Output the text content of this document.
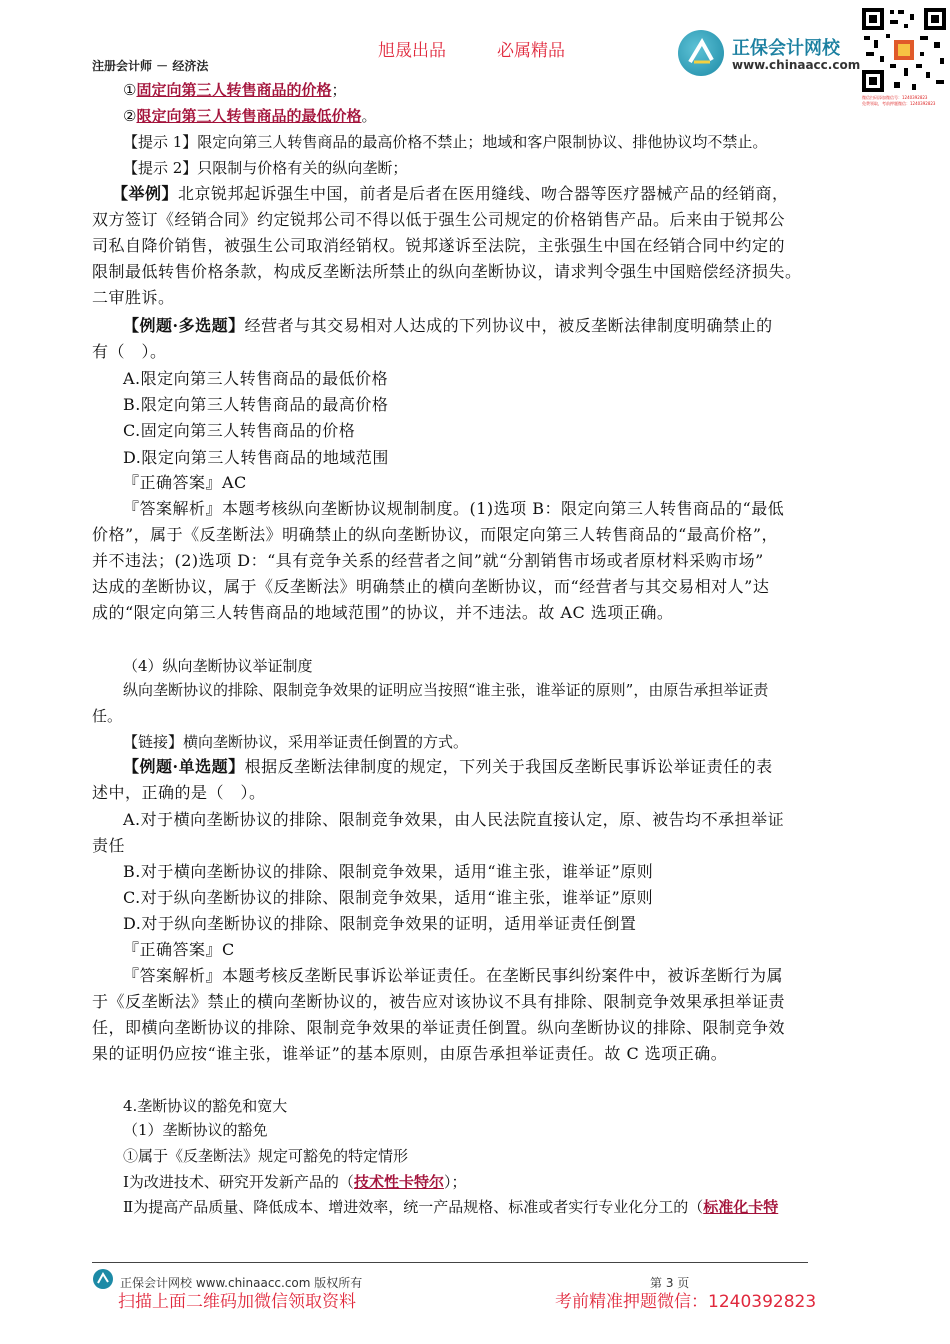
旭晟出品	必属精品
注册会计师 － 经济法
正保会计网校
www.chinaacc.com
微信扫码添加微信号：1240392823
免费领取，考前押题微信：1240392823
①固定向第三人转售商品的价格；
②限定向第三人转售商品的最低价格。
【提示 1】限定向第三人转售商品的最高价格不禁止；地域和客户限制协议、排他协议均不禁止。
【提示 2】只限制与价格有关的纵向垄断；
【举例】北京锐邦起诉强生中国，前者是后者在医用缝线、吻合器等医疗器械产品的经销商，
双方签订《经销合同》约定锐邦公司不得以低于强生公司规定的价格销售产品。后来由于锐邦公
司私自降价销售，被强生公司取消经销权。锐邦遂诉至法院，主张强生中国在经销合同中约定的
限制最低转售价格条款，构成反垄断法所禁止的纵向垄断协议，请求判令强生中国赔偿经济损失。
二审胜诉。
【例题·多选题】经营者与其交易相对人达成的下列协议中，被反垄断法律制度明确禁止的
有（　）。
A.限定向第三人转售商品的最低价格
B.限定向第三人转售商品的最高价格
C.固定向第三人转售商品的价格
D.限定向第三人转售商品的地域范围
『正确答案』AC
『答案解析』本题考核纵向垄断协议规制制度。(1)选项 B：限定向第三人转售商品的“最低
价格”，属于《反垄断法》明确禁止的纵向垄断协议，而限定向第三人转售商品的“最高价格”，
并不违法；(2)选项 D：“具有竞争关系的经营者之间”就“分割销售市场或者原材料采购市场”
达成的垄断协议，属于《反垄断法》明确禁止的横向垄断协议，而“经营者与其交易相对人”达
成的“限定向第三人转售商品的地域范围”的协议，并不违法。故 AC 选项正确。
（4）纵向垄断协议举证制度
纵向垄断协议的排除、限制竞争效果的证明应当按照“谁主张，谁举证的原则”，由原告承担举证责
任。
【链接】横向垄断协议，采用举证责任倒置的方式。
【例题·单选题】根据反垄断法律制度的规定，下列关于我国反垄断民事诉讼举证责任的表
述中，正确的是（　）。
A.对于横向垄断协议的排除、限制竞争效果，由人民法院直接认定，原、被告均不承担举证
责任
B.对于横向垄断协议的排除、限制竞争效果，适用“谁主张，谁举证”原则
C.对于纵向垄断协议的排除、限制竞争效果，适用“谁主张，谁举证”原则
D.对于纵向垄断协议的排除、限制竞争效果的证明，适用举证责任倒置
『正确答案』C
『答案解析』本题考核反垄断民事诉讼举证责任。在垄断民事纠纷案件中，被诉垄断行为属
于《反垄断法》禁止的横向垄断协议的，被告应对该协议不具有排除、限制竞争效果承担举证责
任，即横向垄断协议的排除、限制竞争效果的举证责任倒置。纵向垄断协议的排除、限制竞争效
果的证明仍应按“谁主张，谁举证”的基本原则，由原告承担举证责任。故 C 选项正确。
4.垄断协议的豁免和宽大
（1）垄断协议的豁免
①属于《反垄断法》规定可豁免的特定情形
Ⅰ为改进技术、研究开发新产品的（技术性卡特尔）；
Ⅱ为提高产品质量、降低成本、增进效率，统一产品规格、标准或者实行专业化分工的（标准化卡特
正保会计网校 www.chinaacc.com 版权所有	第 3 页
扫描上面二维码加微信领取资料	考前精准押题微信：1240392823
